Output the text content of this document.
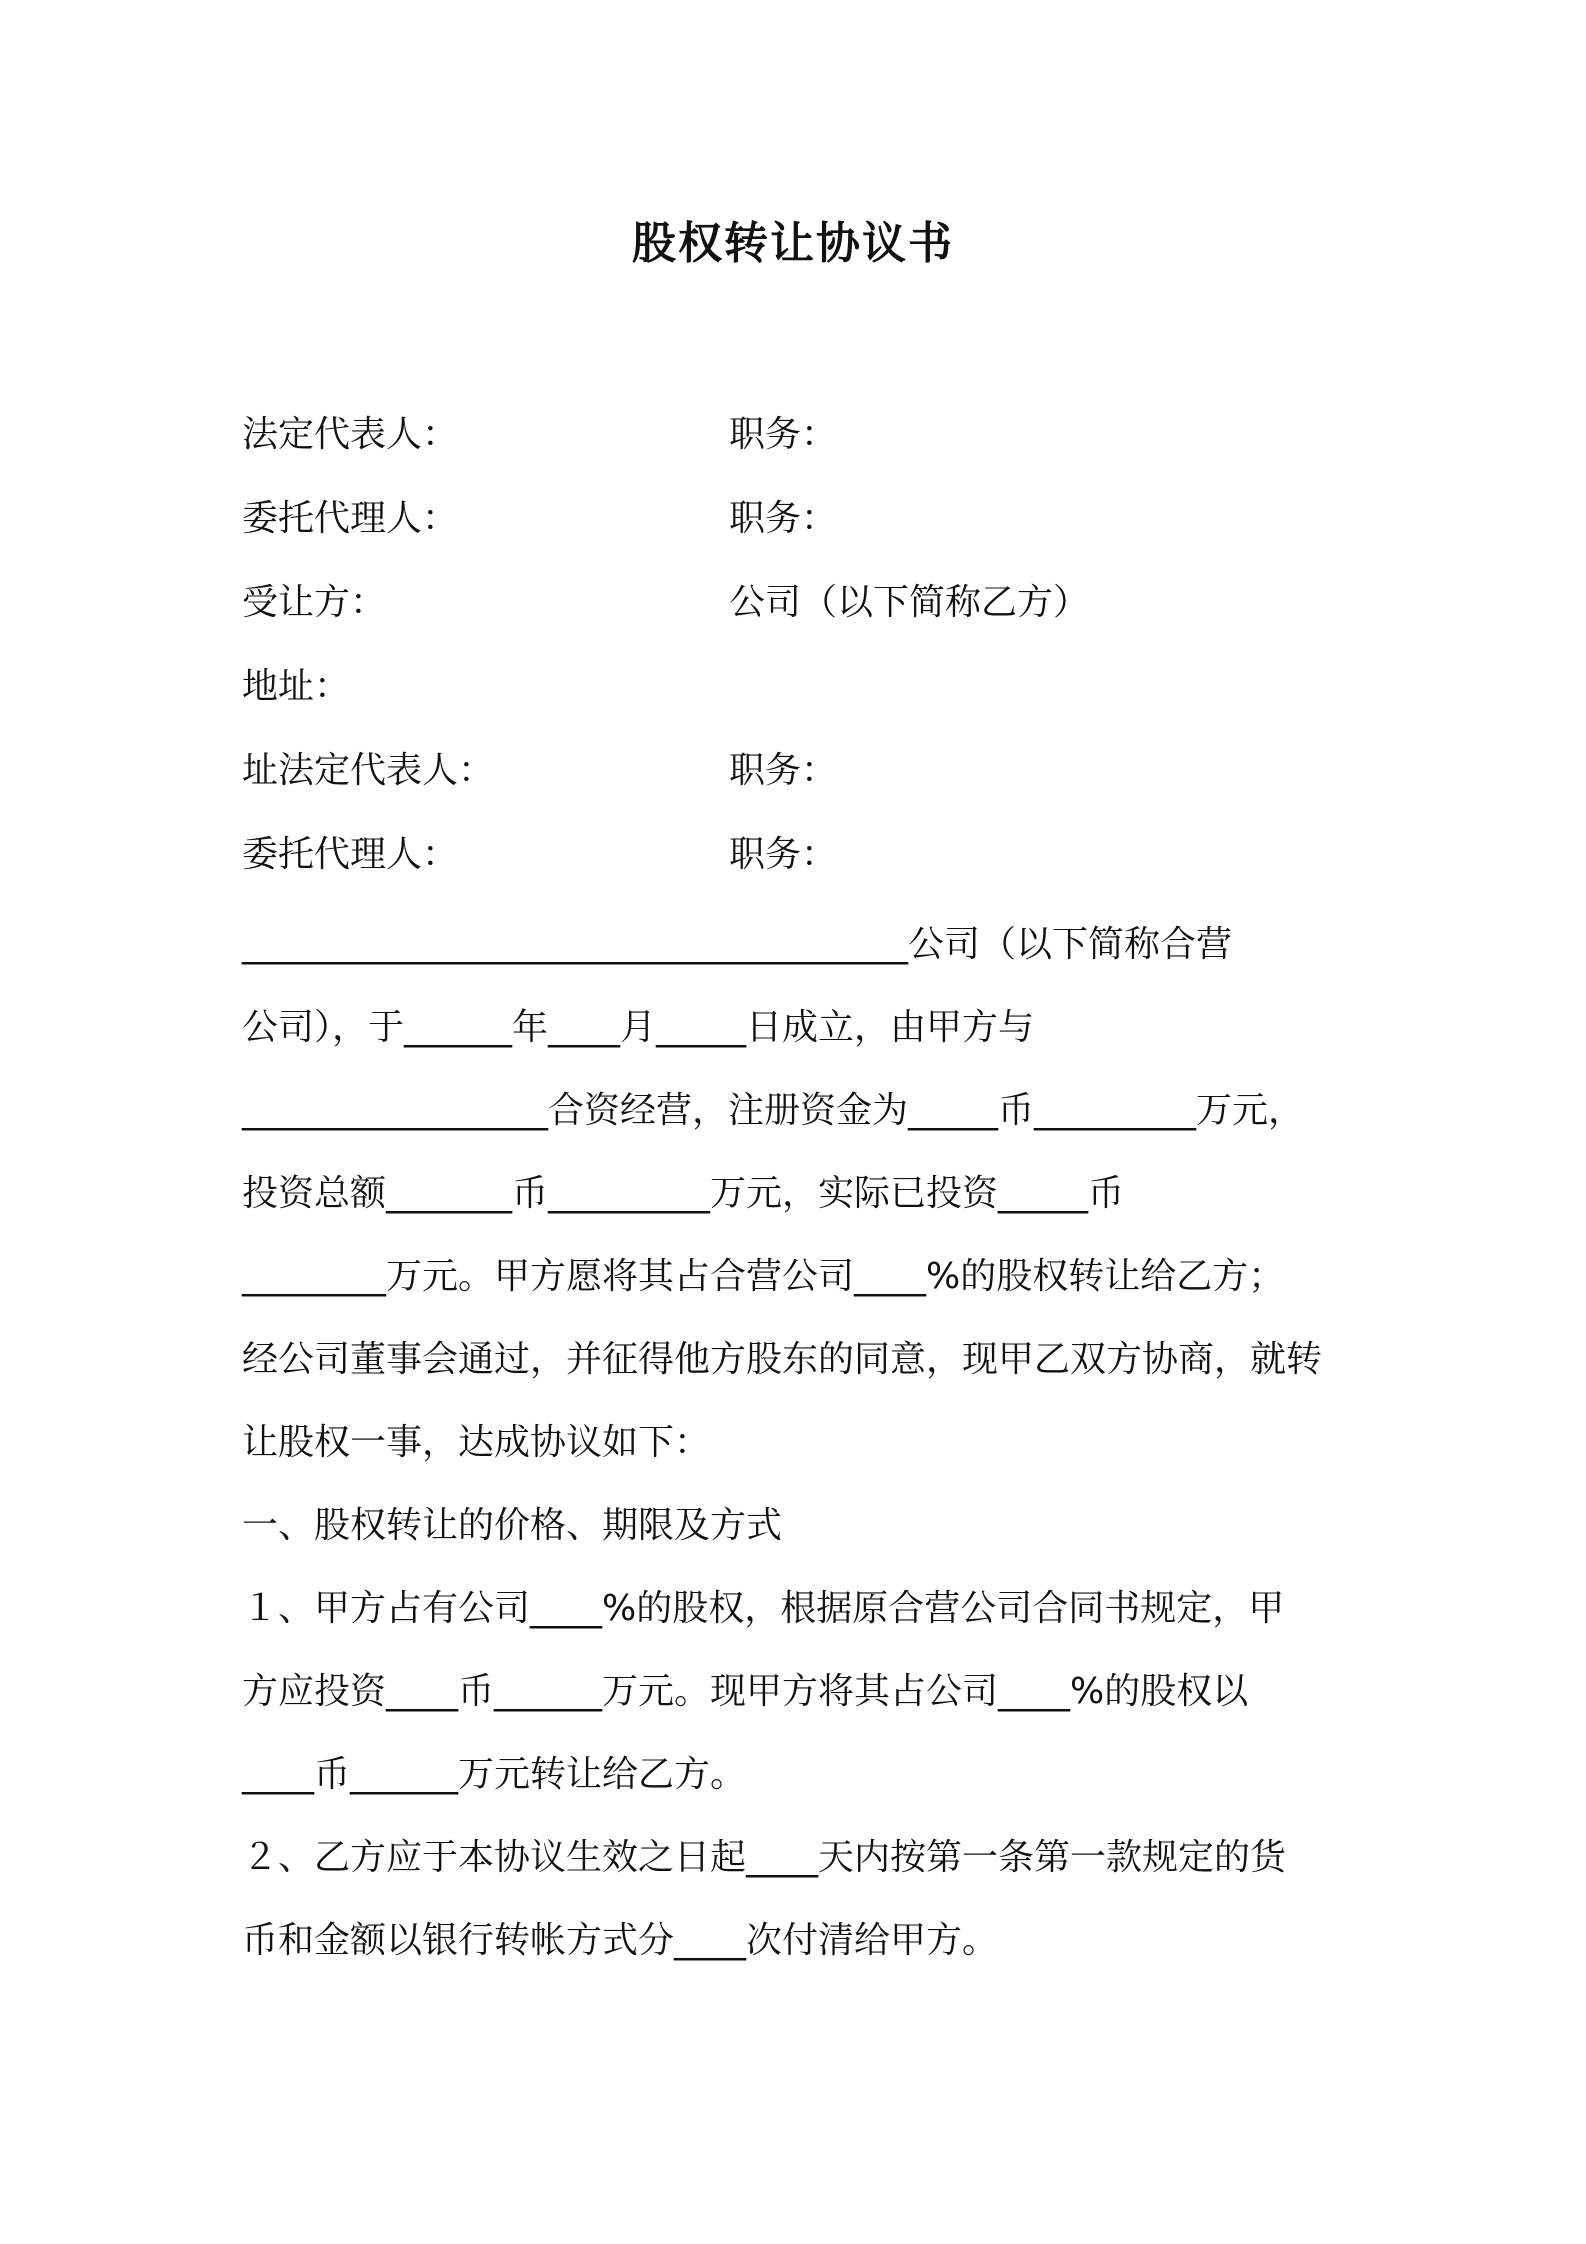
股权转让协议书
法定代表人：	职务：
委托代理人：	职务：
受让方：	公司（以下简称乙方）
地址：
址法定代表人：	职务：
委托代理人：	职务：
_____________________________________公司（以下简称合营
公司），于______年____月_____日成立，由甲方与
_________________合资经营，注册资金为_____币_________万元，
投资总额_______币_________万元，实际已投资_____币
________万元。甲方愿将其占合营公司____%的股权转让给乙方；
经公司董事会通过，并征得他方股东的同意，现甲乙双方协商，就转
让股权一事，达成协议如下：
一、股权转让的价格、期限及方式
１、甲方占有公司____%的股权，根据原合营公司合同书规定，甲
方应投资____币______万元。现甲方将其占公司____%的股权以
____币______万元转让给乙方。
２、乙方应于本协议生效之日起____天内按第一条第一款规定的货
币和金额以银行转帐方式分____次付清给甲方。
